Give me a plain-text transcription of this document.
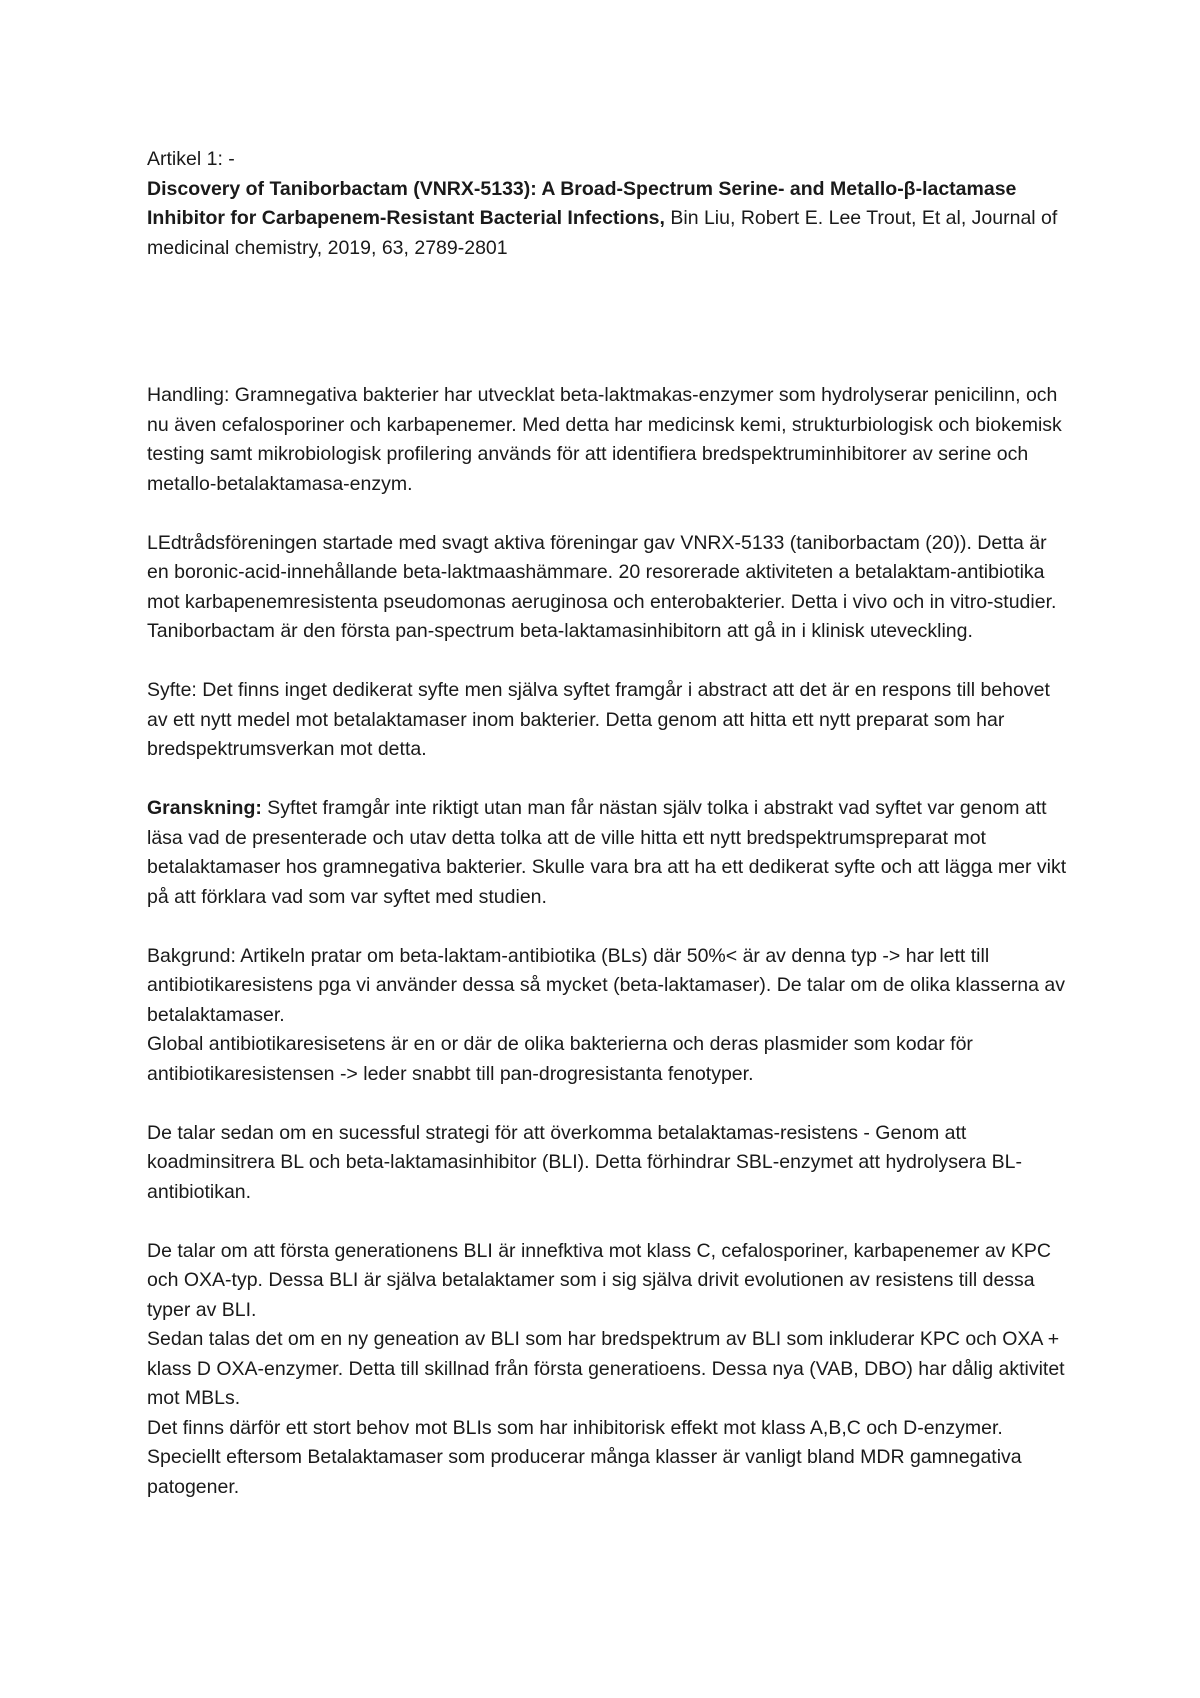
Artikel 1: -

Discovery of Taniborbactam (VNRX-5133): A Broad-Spectrum Serine- and Metallo-β-lactamase Inhibitor for Carbapenem-Resistant Bacterial Infections, Bin Liu, Robert E. Lee Trout, Et al, Journal of medicinal chemistry, 2019, 63, 2789-2801

Handling: Gramnegativa bakterier har utvecklat beta-laktmakas-enzymer som hydrolyserar penicilinn, och nu även cefalosporiner och karbapenemer. Med detta har medicinsk kemi, strukturbiologisk och biokemisk testing samt mikrobiologisk profilering används för att identifiera bredspektruminhibitorer av serine och metallo-betalaktamasa-enzym.

LEdtrådsföreningen startade med svagt aktiva föreningar gav VNRX-5133 (taniborbactam (20)). Detta är en boronic-acid-innehållande beta-laktmaashämmare. 20 resorerade aktiviteten a betalaktam-antibiotika mot karbapenemresistenta pseudomonas aeruginosa och enterobakterier. Detta i vivo och in vitro-studier.

Taniborbactam är den första pan-spectrum beta-laktamasinhibitorn att gå in i klinisk uteveckling.

Syfte: Det finns inget dedikerat syfte men själva syftet framgår i abstract att det är en respons till behovet av ett nytt medel mot betalaktamaser inom bakterier. Detta genom att hitta ett nytt preparat som har bredspektrumsverkan mot detta.

Granskning: Syftet framgår inte riktigt utan man får nästan själv tolka i abstrakt vad syftet var genom att läsa vad de presenterade och utav detta tolka att de ville hitta ett nytt bredspektrumspreparat mot betalaktamaser hos gramnegativa bakterier. Skulle vara bra att ha ett dedikerat syfte och att lägga mer vikt på att förklara vad som var syftet med studien.

Bakgrund: Artikeln pratar om beta-laktam-antibiotika (BLs) där 50%< är av denna typ -> har lett till antibiotikaresistens pga vi använder dessa så mycket (beta-laktamaser). De talar om de olika klasserna av betalaktamaser.

Global antibiotikaresisetens är en or där de olika bakterierna och deras plasmider som kodar för antibiotikaresistensen -> leder snabbt till pan-drogresistanta fenotyper.

De talar sedan om en sucessful strategi för att överkomma betalaktamas-resistens - Genom att koadminsitrera BL och beta-laktamasinhibitor (BLI). Detta förhindrar SBL-enzymet att hydrolysera BL-antibiotikan.

De talar om att första generationens BLI är innefktiva mot klass C, cefalosporiner, karbapenemer av KPC och OXA-typ. Dessa BLI är själva betalaktamer som i sig själva drivit evolutionen av resistens till dessa typer av BLI.

Sedan talas det om en ny geneation av BLI som har bredspektrum av BLI som inkluderar KPC och OXA + klass D OXA-enzymer. Detta till skillnad från första generatioens. Dessa nya (VAB, DBO) har dålig aktivitet mot MBLs.

Det finns därför ett stort behov mot BLIs som har inhibitorisk effekt mot klass A,B,C och D-enzymer. Speciellt eftersom Betalaktamaser som producerar många klasser är vanligt bland MDR gamnegativa patogener.
